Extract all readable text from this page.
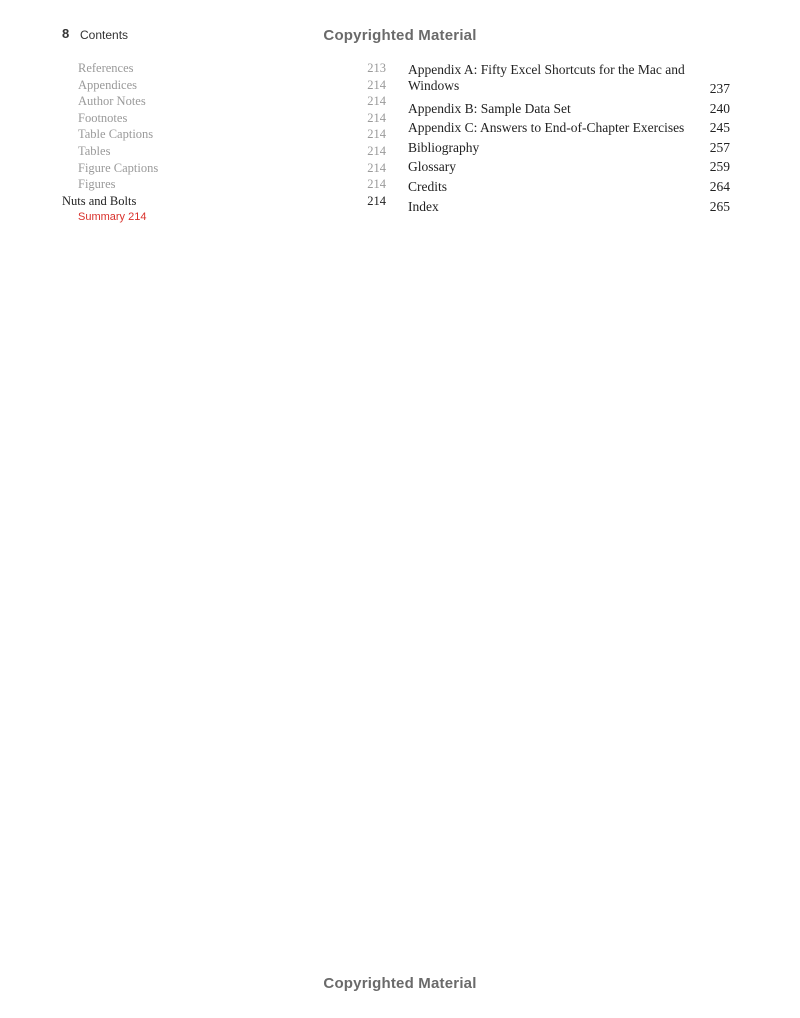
8 Contents	Copyrighted Material
References	213
Appendices	214
Author Notes	214
Footnotes	214
Table Captions	214
Tables	214
Figure Captions	214
Figures	214
Nuts and Bolts	214
Summary 214
Appendix A: Fifty Excel Shortcuts for the Mac and Windows	237
Appendix B: Sample Data Set	240
Appendix C: Answers to End-of-Chapter Exercises 245
Bibliography	257
Glossary	259
Credits	264
Index	265
Copyrighted Material
